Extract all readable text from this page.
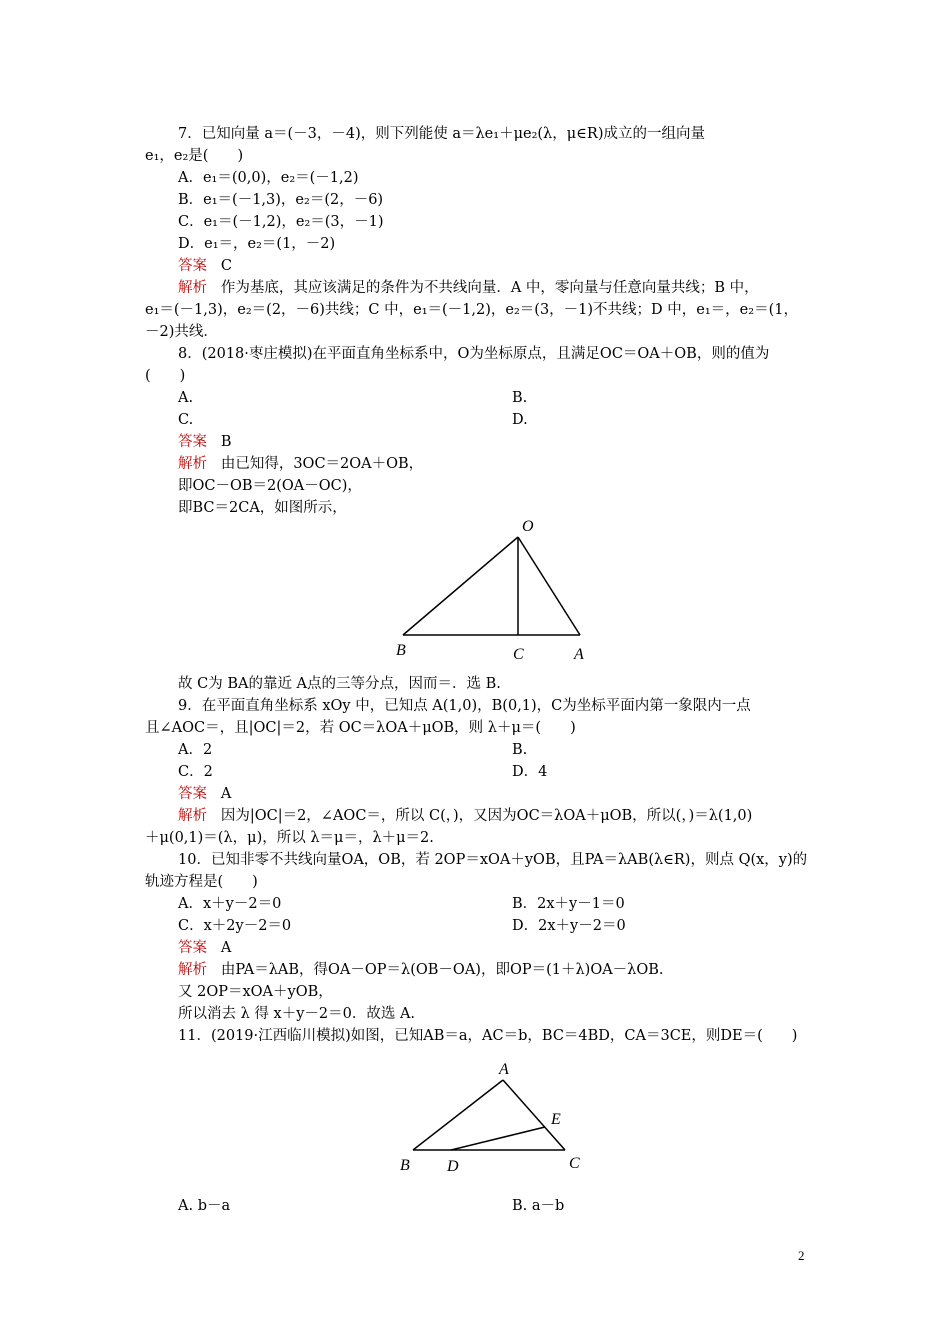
7．已知向量 a＝(－3，－4)，则下列能使 a＝λe₁＋μe₂(λ，μ∈R)成立的一组向量
e₁，e₂是(　　)
A．e₁＝(0,0)，e₂＝(－1,2)
B．e₁＝(－1,3)，e₂＝(2，－6)
C．e₁＝(－1,2)，e₂＝(3，－1)
D．e₁＝，e₂＝(1，－2)
答案 C
解析 作为基底，其应该满足的条件为不共线向量．A 中，零向量与任意向量共线；B 中，
e₁＝(－1,3)，e₂＝(2，－6)共线；C 中，e₁＝(－1,2)，e₂＝(3，－1)不共线；D 中，e₁＝，e₂＝(1，
－2)共线．
8．(2018·枣庄模拟)在平面直角坐标系中，O为坐标原点，且满足OC＝OA＋OB，则的值为
(　　)
A.	B.
C.	D.
答案 B
解析 由已知得，3OC＝2OA＋OB，
即OC－OB＝2(OA－OC)，
即BC＝2CA，如图所示，
O
B	C	A
故 C为 BA的靠近 A点的三等分点，因而＝．选 B.
9．在平面直角坐标系 xOy 中，已知点 A(1,0)，B(0,1)，C为坐标平面内第一象限内一点
且∠AOC＝，且|OC|＝2，若 OC＝λOA＋μOB，则 λ＋μ＝(　　)
A．2	B.
C．2	D．4
答案 A
解析 因为|OC|＝2，∠AOC＝，所以 C(，)，又因为OC＝λOA＋μOB，所以(，)＝λ(1,0)
＋μ(0,1)＝(λ，μ)，所以 λ＝μ＝，λ＋μ＝2.
10．已知非零不共线向量OA，OB，若 2OP＝xOA＋yOB，且PA＝λAB(λ∈R)，则点 Q(x，y)的
轨迹方程是(　　)
A．x＋y－2＝0	B．2x＋y－1＝0
C．x＋2y－2＝0	D．2x＋y－2＝0
答案 A
解析 由PA＝λAB，得OA－OP＝λ(OB－OA)，即OP＝(1＋λ)OA－λOB.
又 2OP＝xOA＋yOB，
所以消去 λ 得 x＋y－2＝0．故选 A.
11．(2019·江西临川模拟)如图，已知AB＝a，AC＝b，BC＝4BD，CA＝3CE，则DE＝(　　)
A
B	C
D
E
A. b－a	B. a－b
2
